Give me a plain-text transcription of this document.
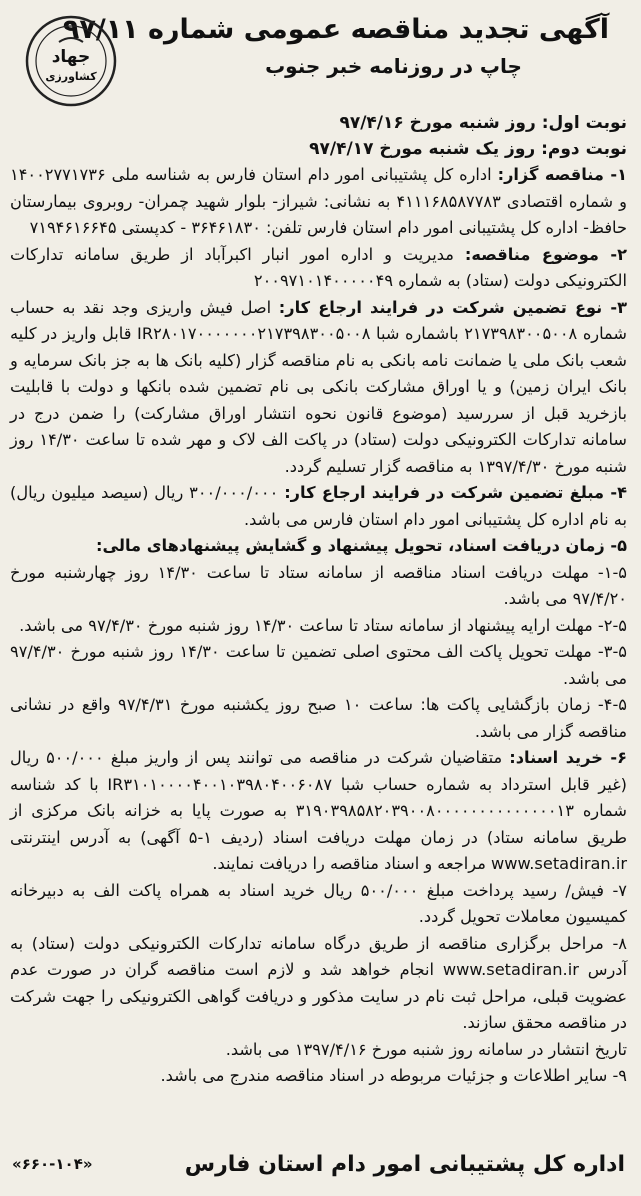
آگهی تجدید مناقصه عمومی شماره ۹۷/۱۱
چاپ در روزنامه خبر جنوب
جهاد
کشاورزی
نوبت اول: روز شنبه مورخ ۹۷/۴/۱۶
نوبت دوم: روز یک شنبه مورخ ۹۷/۴/۱۷

۱- مناقصه گزار: اداره کل پشتیبانی امور دام استان فارس به شناسه ملی ۱۴۰۰۲۷۷۱۷۳۶ و شماره اقتصادی ۴۱۱۱۶۸۵۸۷۷۸۳ به نشانی: شیراز- بلوار شهید چمران- روبروی بیمارستان حافظ- اداره کل پشتیبانی امور دام استان فارس تلفن: ۳۶۴۶۱۸۳۰ - کدپستی ۷۱۹۴۶۱۶۶۴۵

۲- موضوع مناقصه: مدیریت و اداره امور انبار اکبرآباد از طریق سامانه تدارکات الکترونیکی دولت (ستاد) به شماره ۲۰۰۹۷۱۰۱۴۰۰۰۰۰۴۹

۳- نوع تضمین شرکت در فرایند ارجاع کار: اصل فیش واریزی وجد نقد به حساب شماره ۲۱۷۳۹۸۳۰۰۵۰۰۸ باشماره شبا IR۲۸۰۱۷۰۰۰۰۰۰۰۲۱۷۳۹۸۳۰۰۵۰۰۸ قابل واریز در کلیه شعب بانک ملی یا ضمانت نامه بانکی به نام مناقصه گزار (کلیه بانک ها به جز بانک سرمایه و بانک ایران زمین) و یا اوراق مشارکت بانکی بی نام تضمین شده بانکها و دولت با قابلیت بازخرید قبل از سررسید (موضوع قانون نحوه انتشار اوراق مشارکت) را ضمن درج در سامانه تدارکات الکترونیکی دولت (ستاد) در پاکت الف لاک و مهر شده تا ساعت ۱۴/۳۰ روز شنبه مورخ ۱۳۹۷/۴/۳۰ به مناقصه گزار تسلیم گردد.

۴- مبلغ تضمین شرکت در فرایند ارجاع کار: ۳۰۰/۰۰۰/۰۰۰ ریال (سیصد میلیون ریال) به نام اداره کل پشتیبانی امور دام استان فارس می باشد.

۵- زمان دریافت اسناد، تحویل پیشنهاد و گشایش پیشنهادهای مالی:

۱-۵- مهلت دریافت اسناد مناقصه از سامانه ستاد تا ساعت ۱۴/۳۰ روز چهارشنبه مورخ ۹۷/۴/۲۰ می باشد.

۲-۵- مهلت ارایه پیشنهاد از سامانه ستاد تا ساعت ۱۴/۳۰ روز شنبه مورخ ۹۷/۴/۳۰ می باشد.

۳-۵- مهلت تحویل پاکت الف محتوی اصلی تضمین تا ساعت ۱۴/۳۰ روز شنبه مورخ ۹۷/۴/۳۰ می باشد.

۴-۵- زمان بازگشایی پاکت ها: ساعت ۱۰ صبح روز یکشنبه مورخ ۹۷/۴/۳۱ واقع در نشانی مناقصه گزار می باشد.

۶- خرید اسناد: متقاضیان شرکت در مناقصه می توانند پس از واریز مبلغ ۵۰۰/۰۰۰ ریال (غیر قابل استرداد به شماره حساب شبا IR۳۱۰۱۰۰۰۰۴۰۰۱۰۳۹۸۰۴۰۰۶۰۸۷ با کد شناسه شماره ۳۱۹۰۳۹۸۵۸۲۰۳۹۰۰۸۰۰۰۰۰۰۰۰۰۰۰۰۰۰۱۳ به صورت پایا به خزانه بانک مرکزی از طریق سامانه ستاد) در زمان مهلت دریافت اسناد (ردیف ۱-۵ آگهی) به آدرس اینترنتی www.setadiran.ir مراجعه و اسناد مناقصه را دریافت نمایند.

۷- فیش/ رسید پرداخت مبلغ ۵۰۰/۰۰۰ ریال خرید اسناد به همراه پاکت الف به دبیرخانه کمیسیون معاملات تحویل گردد.

۸- مراحل برگزاری مناقصه از طریق درگاه سامانه تدارکات الکترونیکی دولت (ستاد) به آدرس www.setadiran.ir انجام خواهد شد و لازم است مناقصه گران در صورت عدم عضویت قبلی، مراحل ثبت نام در سایت مذکور و دریافت گواهی الکترونیکی را جهت شرکت در مناقصه محقق سازند.

تاریخ انتشار در سامانه روز شنبه مورخ ۱۳۹۷/۴/۱۶ می باشد.

۹- سایر اطلاعات و جزئیات مربوطه در اسناد مناقصه مندرج می باشد.

اداره کل پشتیبانی امور دام استان فارس
«۶۶۰-۱۰۴»
